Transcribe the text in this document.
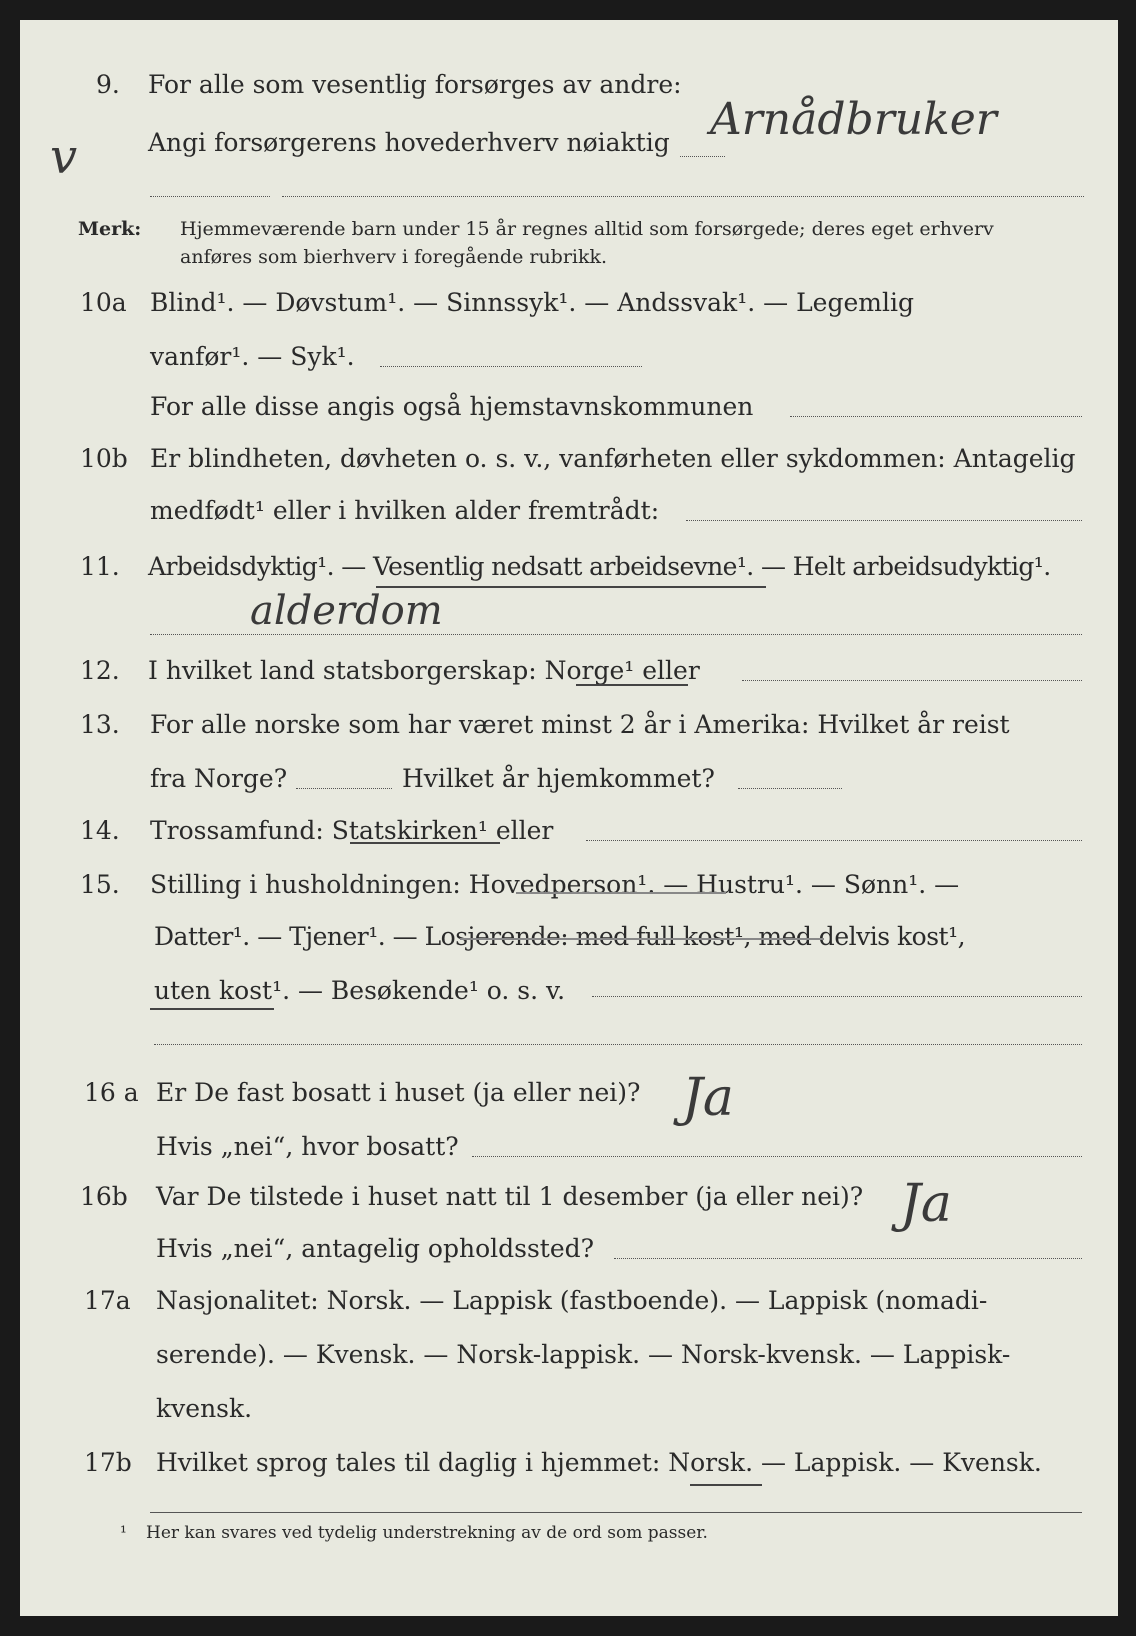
9. For alle som vesentlig forsørges av andre:
v	Angi forsørgerens hovederhverv nøiaktig Arnådbruker
Merk: Hjemmeværende barn under 15 år regnes alltid som forsørgede; deres eget erhverv
anføres som bierhverv i foregående rubrikk.
10a Blind¹. — Døvstum¹. — Sinnssyk¹. — Andssvak¹. — Legemlig
vanfør¹. — Syk¹.
For alle disse angis også hjemstavnskommunen
10b Er blindheten, døvheten o. s. v., vanførheten eller sykdommen: Antagelig
medfødt¹ eller i hvilken alder fremtrådt:
11. Arbeidsdyktig¹. — Vesentlig nedsatt arbeidsevne¹. — Helt arbeidsudyktig¹.
alderdom
12. I hvilket land statsborgerskap: Norge¹ eller
13. For alle norske som har været minst 2 år i Amerika: Hvilket år reist
fra Norge?	Hvilket år hjemkommet?
14. Trossamfund: Statskirken¹ eller
15. Stilling i husholdningen: Hovedperson¹. — Hustru¹. — Sønn¹. —
Datter¹. — Tjener¹. — Losjerende: med full kost¹, med delvis kost¹,
uten kost¹. — Besøkende¹ o. s. v.
16 a Er De fast bosatt i huset (ja eller nei)? Ja
Hvis „nei“, hvor bosatt?
16b Var De tilstede i huset natt til 1 desember (ja eller nei)? Ja
Hvis „nei“, antagelig opholdssted?
17a Nasjonalitet: Norsk. — Lappisk (fastboende). — Lappisk (nomadi-
serende). — Kvensk. — Norsk-lappisk. — Norsk-kvensk. — Lappisk-
kvensk.
17b Hvilket sprog tales til daglig i hjemmet: Norsk. — Lappisk. — Kvensk.
¹ Her kan svares ved tydelig understrekning av de ord som passer.
